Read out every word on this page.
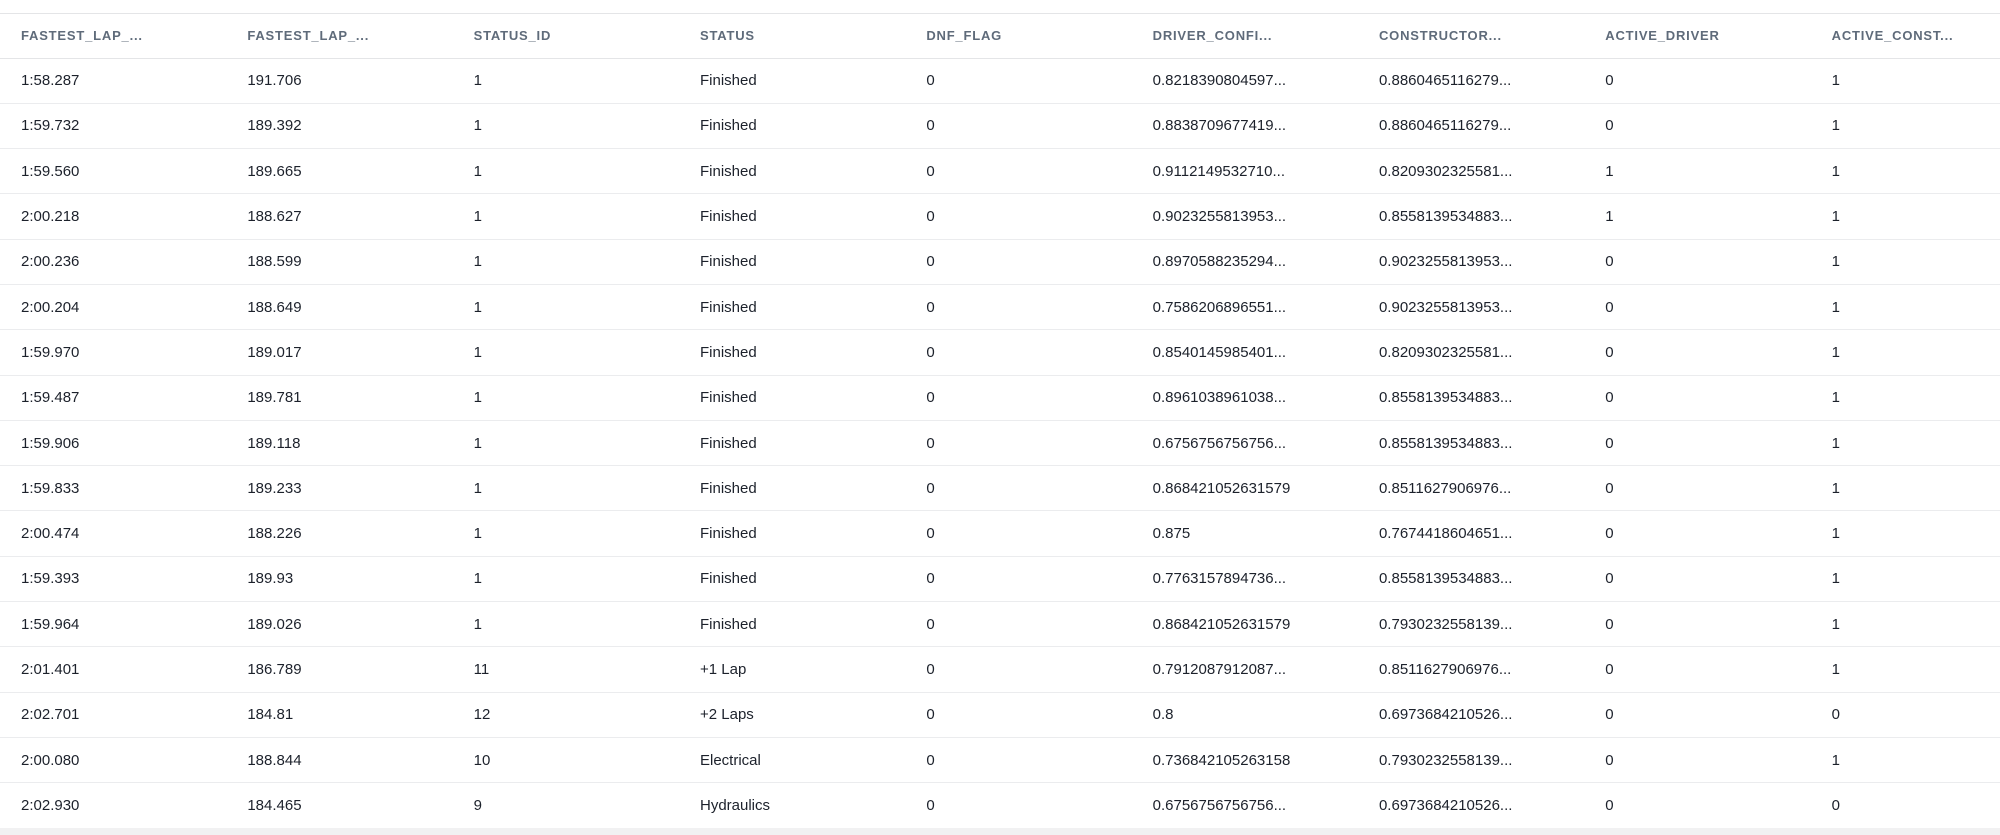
FASTEST_LAP_...	FASTEST_LAP_...	STATUS_ID	STATUS	DNF_FLAG	DRIVER_CONFI...	CONSTRUCTOR...	ACTIVE_DRIVER	ACTIVE_CONST...
1:58.287	191.706	1	Finished	0	0.8218390804597...	0.8860465116279...	0	1
1:59.732	189.392	1	Finished	0	0.8838709677419...	0.8860465116279...	0	1
1:59.560	189.665	1	Finished	0	0.9112149532710...	0.8209302325581...	1	1
2:00.218	188.627	1	Finished	0	0.9023255813953...	0.8558139534883...	1	1
2:00.236	188.599	1	Finished	0	0.8970588235294...	0.9023255813953...	0	1
2:00.204	188.649	1	Finished	0	0.7586206896551...	0.9023255813953...	0	1
1:59.970	189.017	1	Finished	0	0.8540145985401...	0.8209302325581...	0	1
1:59.487	189.781	1	Finished	0	0.8961038961038...	0.8558139534883...	0	1
1:59.906	189.118	1	Finished	0	0.6756756756756...	0.8558139534883...	0	1
1:59.833	189.233	1	Finished	0	0.868421052631579	0.8511627906976...	0	1
2:00.474	188.226	1	Finished	0	0.875	0.7674418604651...	0	1
1:59.393	189.93	1	Finished	0	0.7763157894736...	0.8558139534883...	0	1
1:59.964	189.026	1	Finished	0	0.868421052631579	0.7930232558139...	0	1
2:01.401	186.789	11	+1 Lap	0	0.7912087912087...	0.8511627906976...	0	1
2:02.701	184.81	12	+2 Laps	0	0.8	0.6973684210526...	0	0
2:00.080	188.844	10	Electrical	0	0.736842105263158	0.7930232558139...	0	1
2:02.930	184.465	9	Hydraulics	0	0.6756756756756...	0.6973684210526...	0	0
